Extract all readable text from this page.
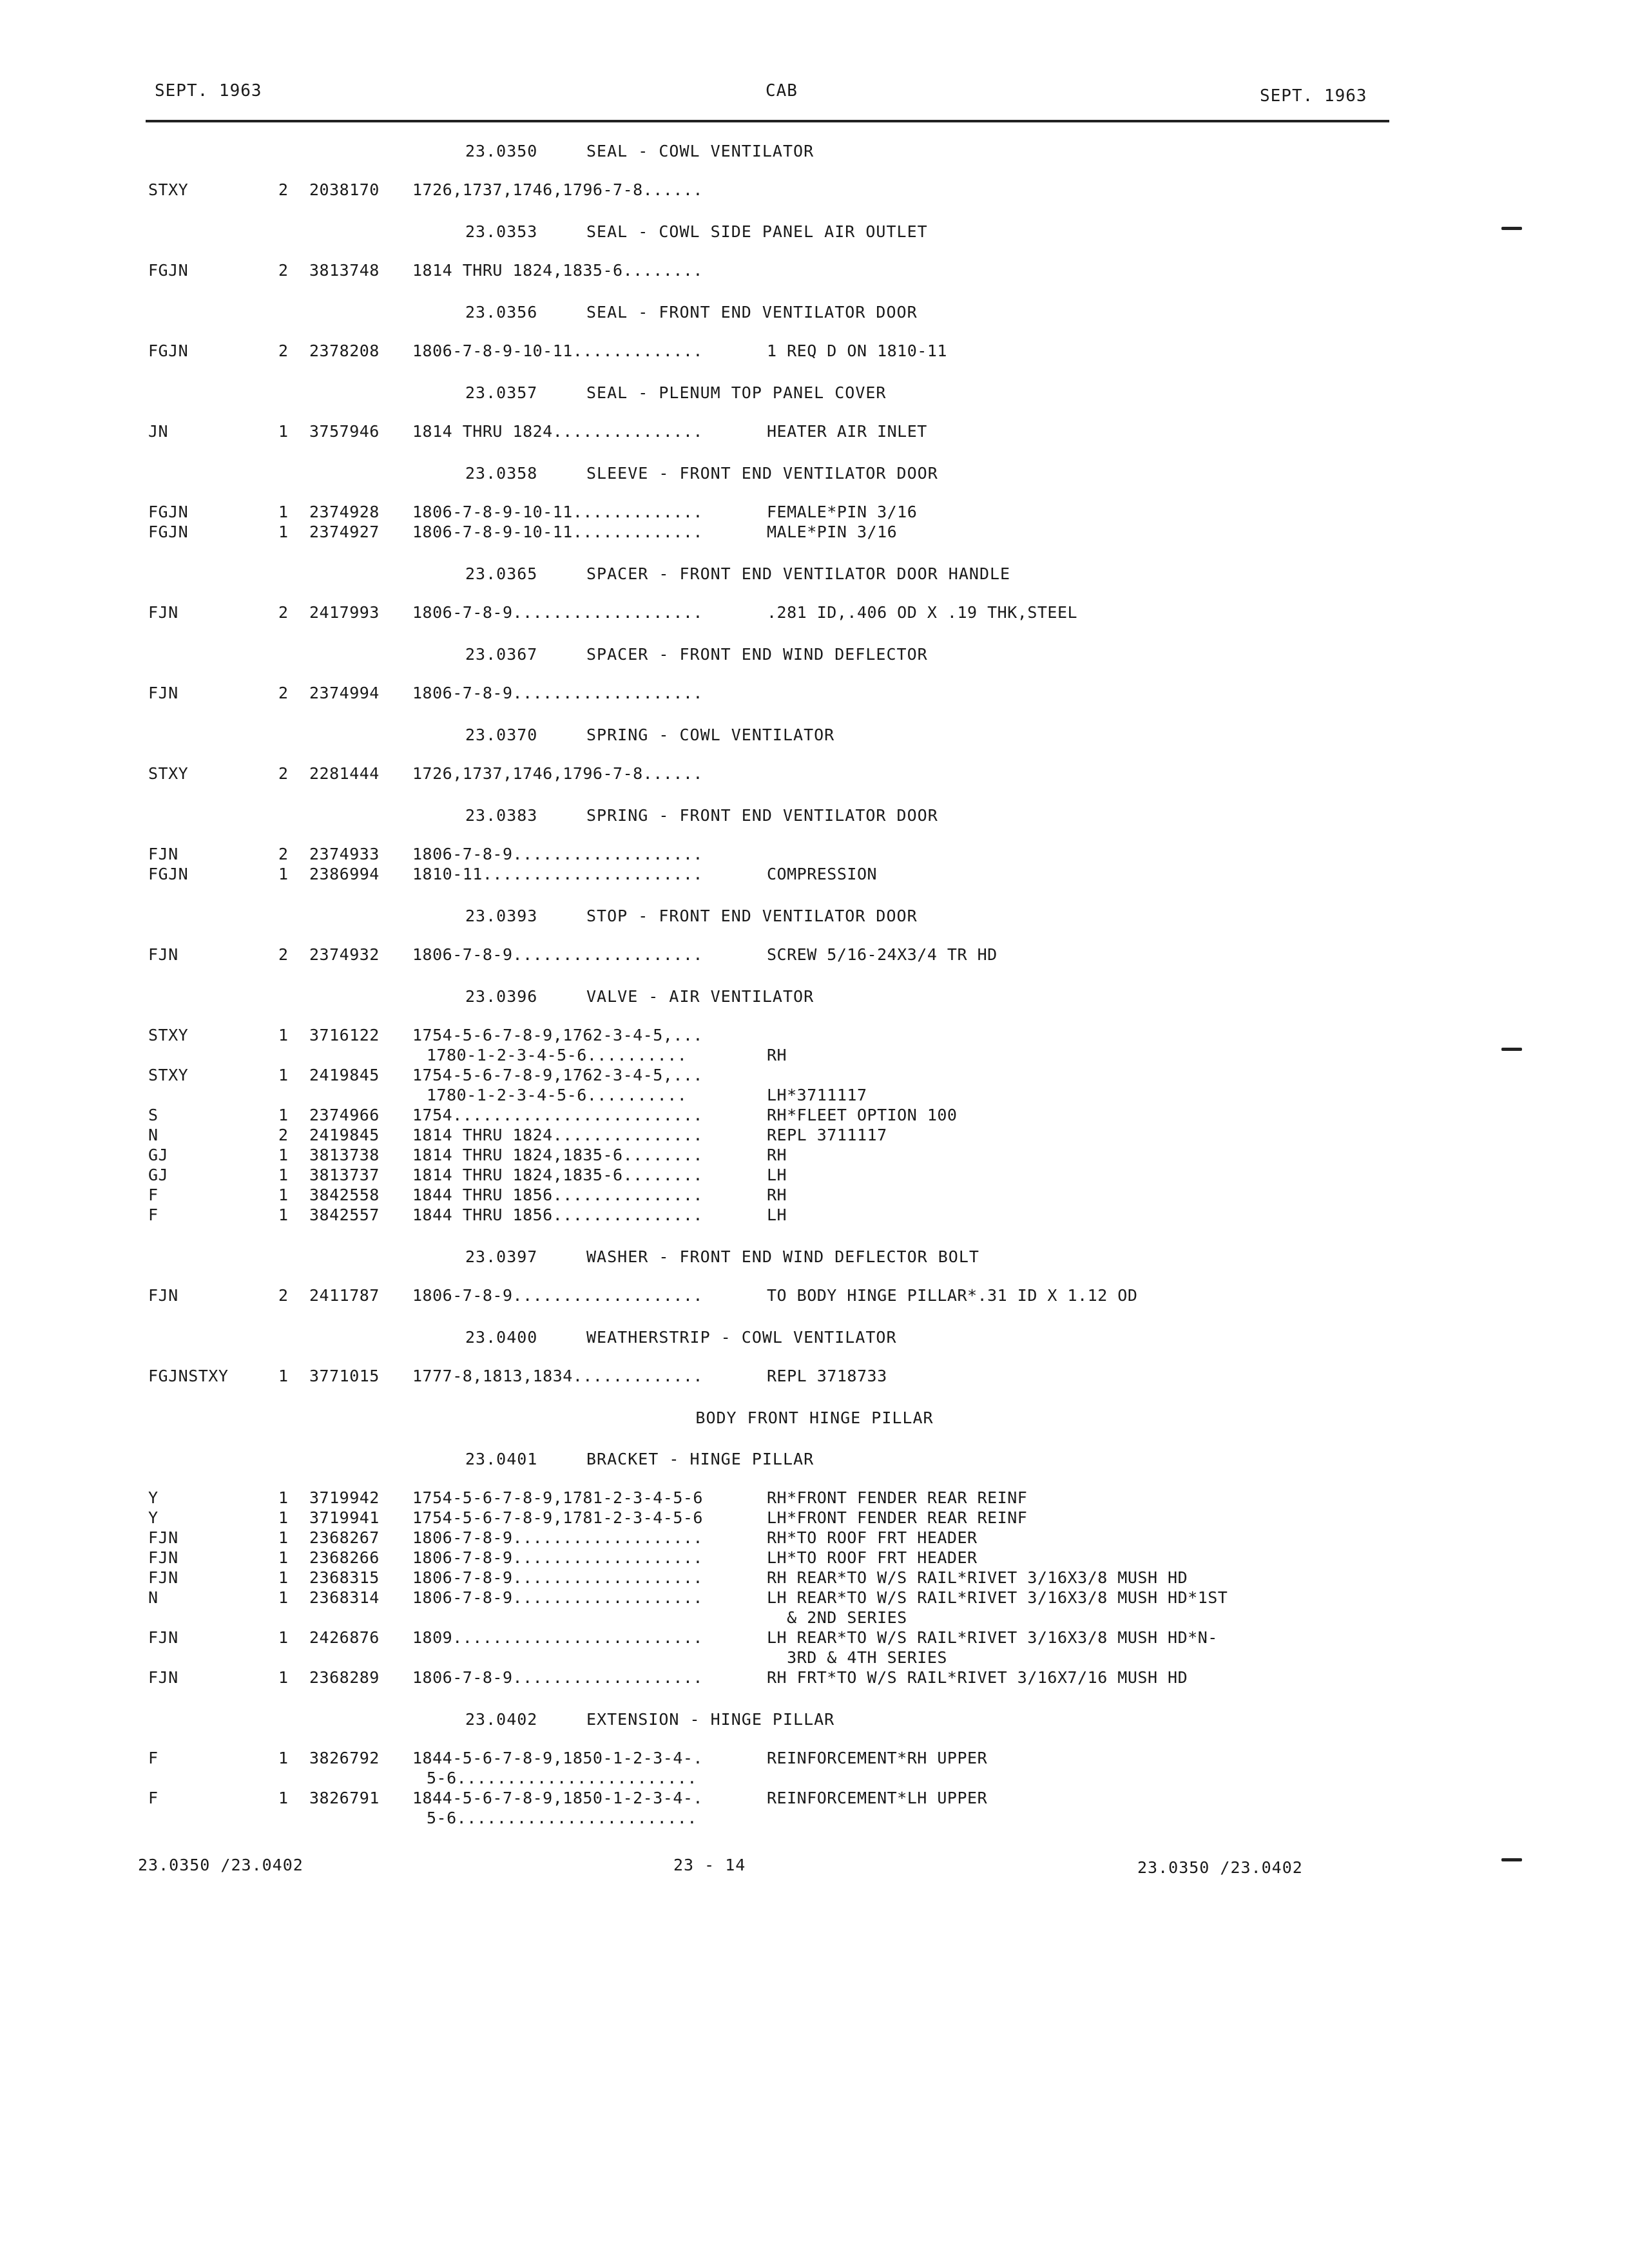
SEPT. 1963	CAB	SEPT. 1963
23.0350	SEAL - COWL VENTILATOR
STXY	2 2038170 1726,1737,1746,1796-7-8......
23.0353	SEAL - COWL SIDE PANEL AIR OUTLET
FGJN	2 3813748 1814 THRU 1824,1835-6........
23.0356	SEAL - FRONT END VENTILATOR DOOR
FGJN	2 2378208 1806-7-8-9-10-11.............	1 REQ D ON 1810-11
23.0357	SEAL - PLENUM TOP PANEL COVER
JN	1 3757946 1814 THRU 1824...............	HEATER AIR INLET
23.0358	SLEEVE - FRONT END VENTILATOR DOOR
FGJN	1 2374928 1806-7-8-9-10-11.............	FEMALE*PIN 3/16
FGJN	1 2374927 1806-7-8-9-10-11.............	MALE*PIN 3/16
23.0365	SPACER - FRONT END VENTILATOR DOOR HANDLE
FJN	2 2417993 1806-7-8-9...................	.281 ID,.406 OD X .19 THK,STEEL
23.0367	SPACER - FRONT END WIND DEFLECTOR
FJN	2 2374994 1806-7-8-9...................
23.0370	SPRING - COWL VENTILATOR
STXY	2 2281444 1726,1737,1746,1796-7-8......
23.0383	SPRING - FRONT END VENTILATOR DOOR
FJN	2 2374933 1806-7-8-9...................
FGJN	1 2386994 1810-11......................	COMPRESSION
23.0393	STOP - FRONT END VENTILATOR DOOR
FJN	2 2374932 1806-7-8-9...................	SCREW 5/16-24X3/4 TR HD
23.0396	VALVE - AIR VENTILATOR
STXY	1 3716122 1754-5-6-7-8-9,1762-3-4-5,...
1780-1-2-3-4-5-6..........	RH
STXY	1 2419845 1754-5-6-7-8-9,1762-3-4-5,...
1780-1-2-3-4-5-6..........	LH*3711117
S	1 2374966 1754.........................	RH*FLEET OPTION 100
N	2 2419845 1814 THRU 1824...............	REPL 3711117
GJ	1 3813738 1814 THRU 1824,1835-6........	RH
GJ	1 3813737 1814 THRU 1824,1835-6........	LH
F	1 3842558 1844 THRU 1856...............	RH
F	1 3842557 1844 THRU 1856...............	LH
23.0397	WASHER - FRONT END WIND DEFLECTOR BOLT
FJN	2 2411787 1806-7-8-9...................	TO BODY HINGE PILLAR*.31 ID X 1.12 OD
23.0400	WEATHERSTRIP - COWL VENTILATOR
FGJNSTXY	1 3771015 1777-8,1813,1834.............	REPL 3718733
BODY FRONT HINGE PILLAR
23.0401	BRACKET - HINGE PILLAR
Y	1 3719942 1754-5-6-7-8-9,1781-2-3-4-5-6	RH*FRONT FENDER REAR REINF
Y	1 3719941 1754-5-6-7-8-9,1781-2-3-4-5-6	LH*FRONT FENDER REAR REINF
FJN	1 2368267 1806-7-8-9...................	RH*TO ROOF FRT HEADER
FJN	1 2368266 1806-7-8-9...................	LH*TO ROOF FRT HEADER
FJN	1 2368315 1806-7-8-9...................	RH REAR*TO W/S RAIL*RIVET 3/16X3/8 MUSH HD
N	1 2368314 1806-7-8-9...................	LH REAR*TO W/S RAIL*RIVET 3/16X3/8 MUSH HD*1ST
& 2ND SERIES
FJN	1 2426876 1809.........................	LH REAR*TO W/S RAIL*RIVET 3/16X3/8 MUSH HD*N-
3RD & 4TH SERIES
FJN	1 2368289 1806-7-8-9...................	RH FRT*TO W/S RAIL*RIVET 3/16X7/16 MUSH HD
23.0402	EXTENSION - HINGE PILLAR
F	1 3826792 1844-5-6-7-8-9,1850-1-2-3-4-.	REINFORCEMENT*RH UPPER
5-6........................
F	1 3826791 1844-5-6-7-8-9,1850-1-2-3-4-.	REINFORCEMENT*LH UPPER
5-6........................
23.0350 /23.0402	23 - 14	23.0350 /23.0402
